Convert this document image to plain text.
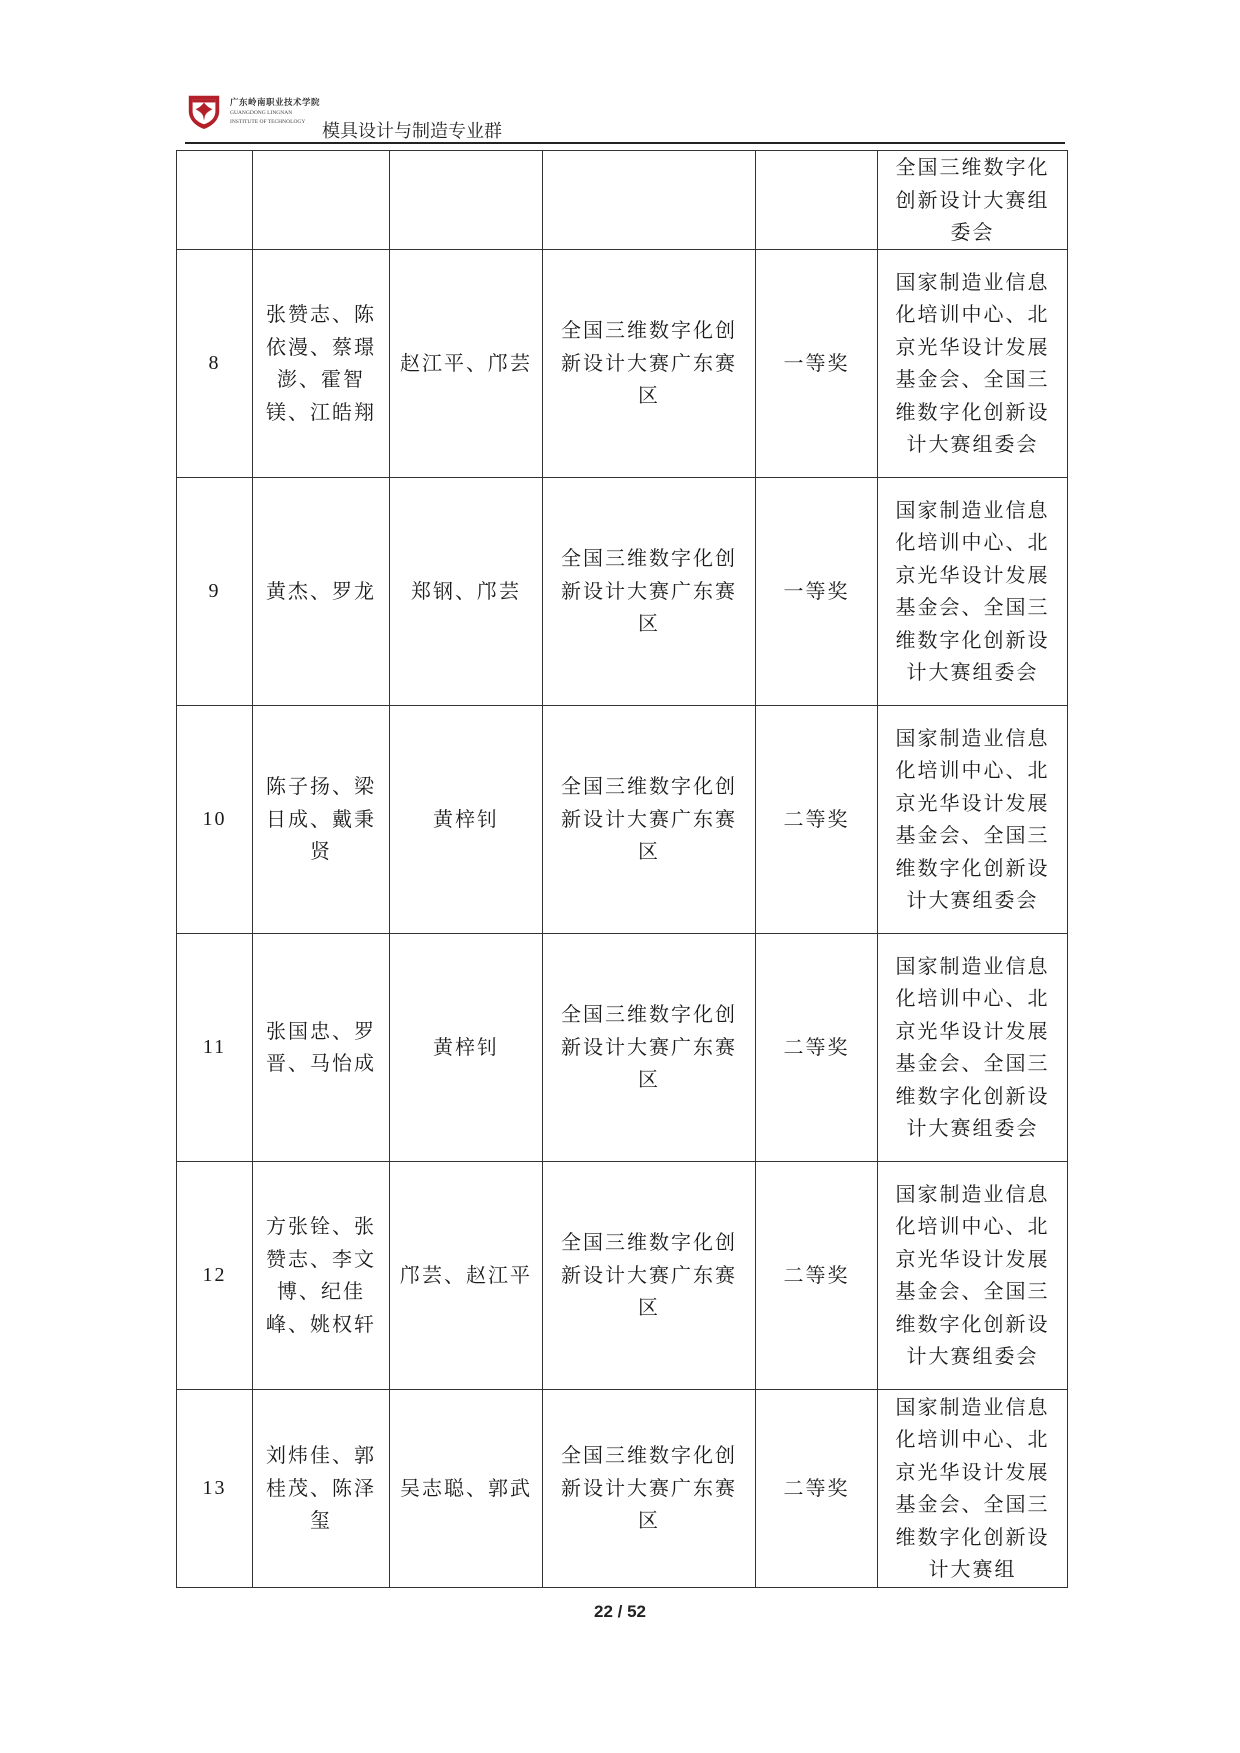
广东岭南职业技术学院
GUANGDONG LINGNAN
INSTITUTE OF TECHNOLOGY 模具设计与制造专业群
					全国三维数字化创新设计大赛组委会
8	张赞志、陈依漫、蔡璟澎、霍智镁、江皓翔	赵江平、邝芸	全国三维数字化创新设计大赛广东赛区	一等奖	国家制造业信息化培训中心、北京光华设计发展基金会、全国三维数字化创新设计大赛组委会
9	黄杰、罗龙	郑钢、邝芸	全国三维数字化创新设计大赛广东赛区	一等奖	国家制造业信息化培训中心、北京光华设计发展基金会、全国三维数字化创新设计大赛组委会
10	陈子扬、梁日成、戴秉贤	黄梓钊	全国三维数字化创新设计大赛广东赛区	二等奖	国家制造业信息化培训中心、北京光华设计发展基金会、全国三维数字化创新设计大赛组委会
11	张国忠、罗晋、马怡成	黄梓钊	全国三维数字化创新设计大赛广东赛区	二等奖	国家制造业信息化培训中心、北京光华设计发展基金会、全国三维数字化创新设计大赛组委会
12	方张铨、张赞志、李文博、纪佳峰、姚权轩	邝芸、赵江平	全国三维数字化创新设计大赛广东赛区	二等奖	国家制造业信息化培训中心、北京光华设计发展基金会、全国三维数字化创新设计大赛组委会
13	刘炜佳、郭桂茂、陈泽玺	吴志聪、郭武	全国三维数字化创新设计大赛广东赛区	二等奖	国家制造业信息化培训中心、北京光华设计发展基金会、全国三维数字化创新设计大赛组
22 / 52
